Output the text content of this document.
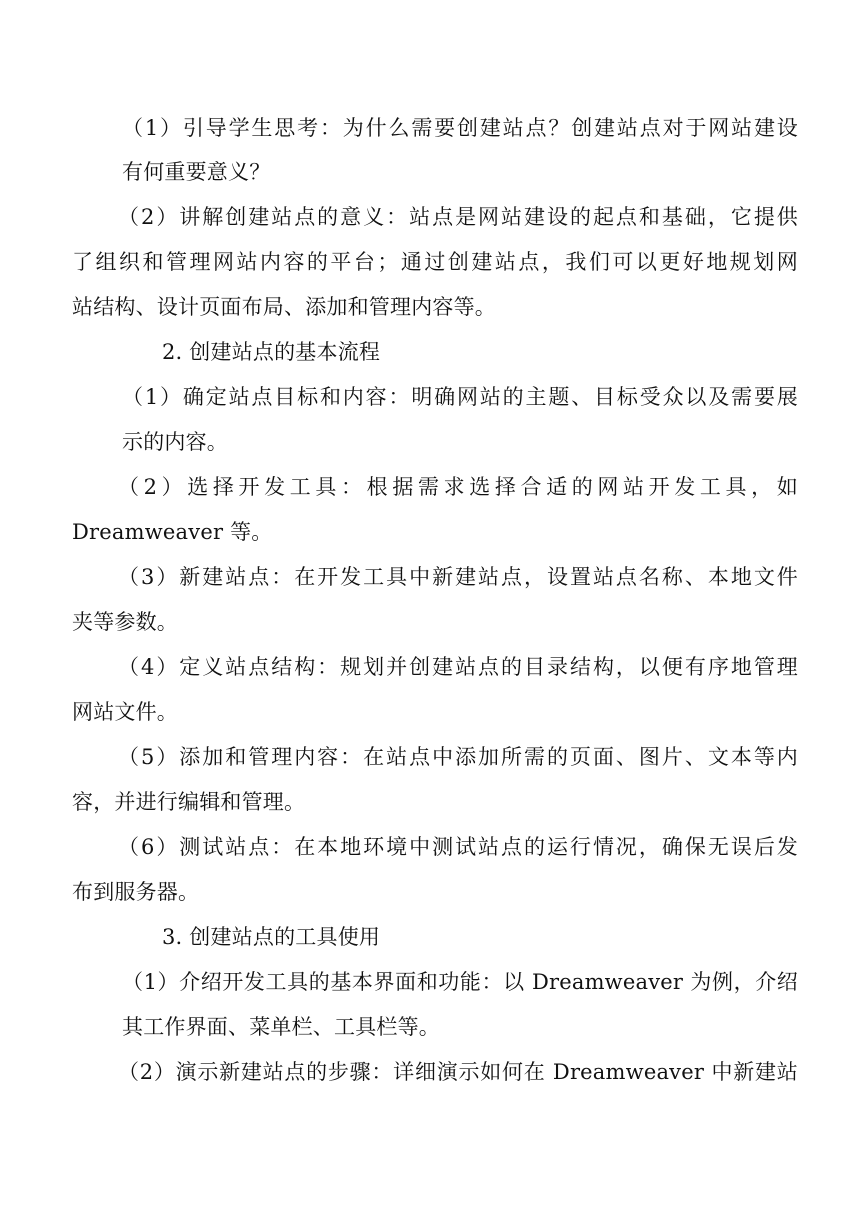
（1）引导学生思考：为什么需要创建站点？创建站点对于网站建设
有何重要意义？
（2）讲解创建站点的意义：站点是网站建设的起点和基础，它提供
了组织和管理网站内容的平台；通过创建站点，我们可以更好地规划网
站结构、设计页面布局、添加和管理内容等。
2. 创建站点的基本流程
（1）确定站点目标和内容：明确网站的主题、目标受众以及需要展
示的内容。
（2）选择开发工具：根据需求选择合适的网站开发工具，如
Dreamweaver 等。
（3）新建站点：在开发工具中新建站点，设置站点名称、本地文件
夹等参数。
（4）定义站点结构：规划并创建站点的目录结构，以便有序地管理
网站文件。
（5）添加和管理内容：在站点中添加所需的页面、图片、文本等内
容，并进行编辑和管理。
（6）测试站点：在本地环境中测试站点的运行情况，确保无误后发
布到服务器。
3. 创建站点的工具使用
（1）介绍开发工具的基本界面和功能：以 Dreamweaver 为例，介绍
其工作界面、菜单栏、工具栏等。
（2）演示新建站点的步骤：详细演示如何在 Dreamweaver 中新建站
